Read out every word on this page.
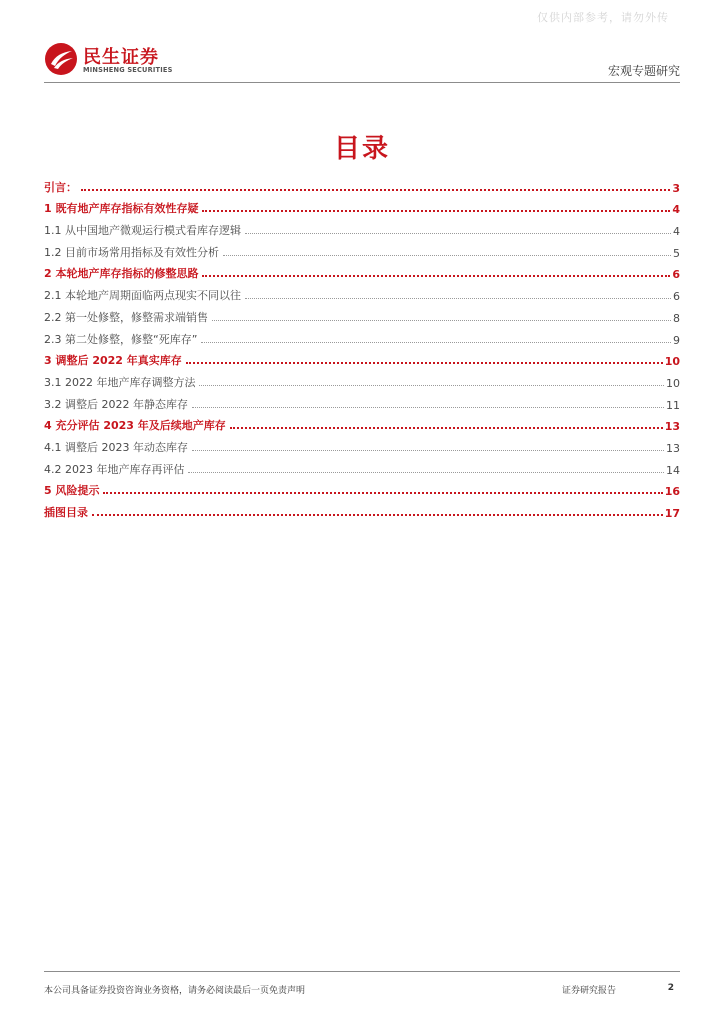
仅供内部参考，请勿外传
民生证券
MINSHENG SECURITIES	宏观专题研究
目录
引言：	3
1 既有地产库存指标有效性存疑	4
1.1 从中国地产微观运行模式看库存逻辑	4
1.2 目前市场常用指标及有效性分析	5
2 本轮地产库存指标的修整思路	6
2.1 本轮地产周期面临两点现实不同以往	6
2.2 第一处修整，修整需求端销售	8
2.3 第二处修整，修整“死库存”	9
3 调整后 2022 年真实库存	10
3.1 2022 年地产库存调整方法	10
3.2 调整后 2022 年静态库存	11
4 充分评估 2023 年及后续地产库存	13
4.1 调整后 2023 年动态库存	13
4.2 2023 年地产库存再评估	14
5 风险提示	16
插图目录	17
本公司具备证券投资咨询业务资格，请务必阅读最后一页免责声明	证券研究报告	2
